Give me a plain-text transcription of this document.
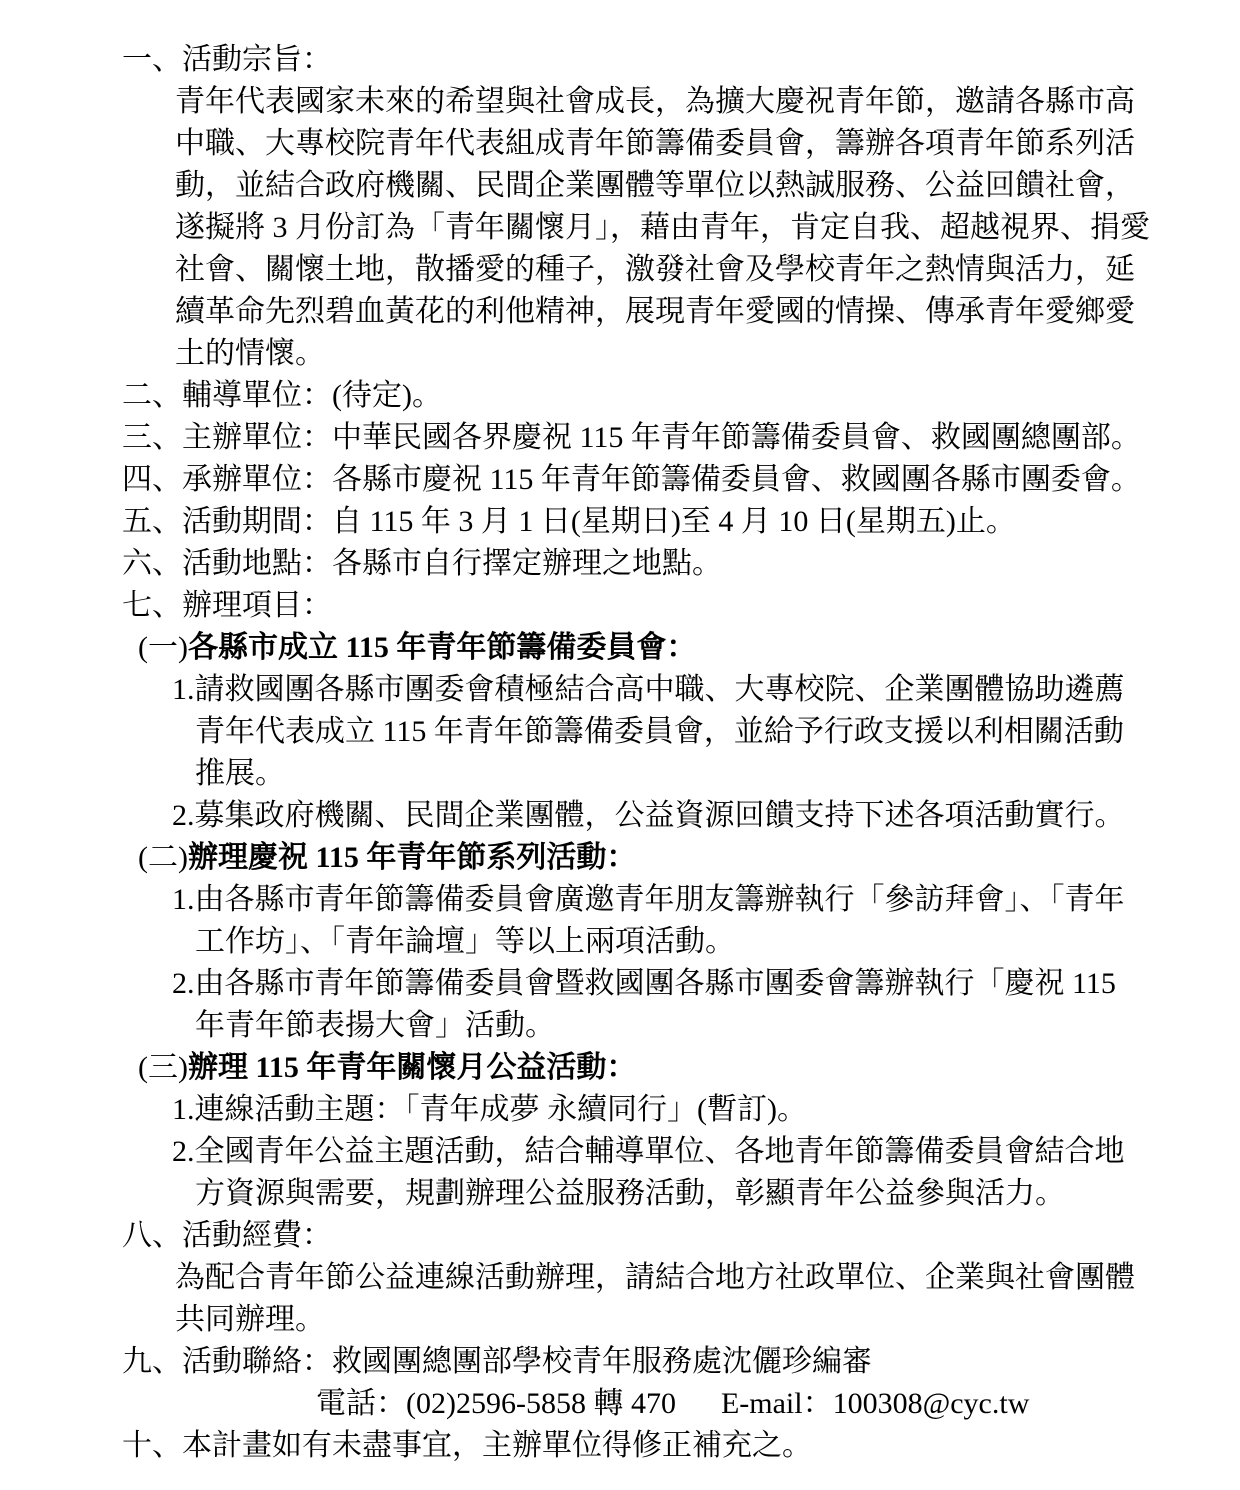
一、活動宗旨：
青年代表國家未來的希望與社會成長，為擴大慶祝青年節，邀請各縣市高
中職、大專校院青年代表組成青年節籌備委員會，籌辦各項青年節系列活
動，並結合政府機關、民間企業團體等單位以熱誠服務、公益回饋社會，
遂擬將 3 月份訂為「青年關懷月」，藉由青年，肯定自我、超越視界、捐愛
社會、關懷土地，散播愛的種子，激發社會及學校青年之熱情與活力，延
續革命先烈碧血黃花的利他精神，展現青年愛國的情操、傳承青年愛鄉愛
土的情懷。
二、輔導單位：(待定)。
三、主辦單位：中華民國各界慶祝 115 年青年節籌備委員會、救國團總團部。
四、承辦單位：各縣市慶祝 115 年青年節籌備委員會、救國團各縣市團委會。
五、活動期間：自 115 年 3 月 1 日(星期日)至 4 月 10 日(星期五)止。
六、活動地點：各縣市自行擇定辦理之地點。
七、辦理項目：
(一)各縣市成立 115 年青年節籌備委員會：
1.請救國團各縣市團委會積極結合高中職、大專校院、企業團體協助遴薦
青年代表成立 115 年青年節籌備委員會，並給予行政支援以利相關活動
推展。
2.募集政府機關、民間企業團體，公益資源回饋支持下述各項活動實行。
(二)辦理慶祝 115 年青年節系列活動：
1.由各縣市青年節籌備委員會廣邀青年朋友籌辦執行「參訪拜會」、「青年
工作坊」、「青年論壇」等以上兩項活動。
2.由各縣市青年節籌備委員會暨救國團各縣市團委會籌辦執行「慶祝 115
年青年節表揚大會」活動。
(三)辦理 115 年青年關懷月公益活動：
1.連線活動主題：「青年成夢 永續同行」(暫訂)。
2.全國青年公益主題活動，結合輔導單位、各地青年節籌備委員會結合地
方資源與需要，規劃辦理公益服務活動，彰顯青年公益參與活力。
八、活動經費：
為配合青年節公益連線活動辦理，請結合地方社政單位、企業與社會團體
共同辦理。
九、活動聯絡：救國團總團部學校青年服務處沈儷珍編審
電話：(02)2596-5858 轉 470　  E-mail：100308@cyc.tw
十、本計畫如有未盡事宜，主辦單位得修正補充之。
